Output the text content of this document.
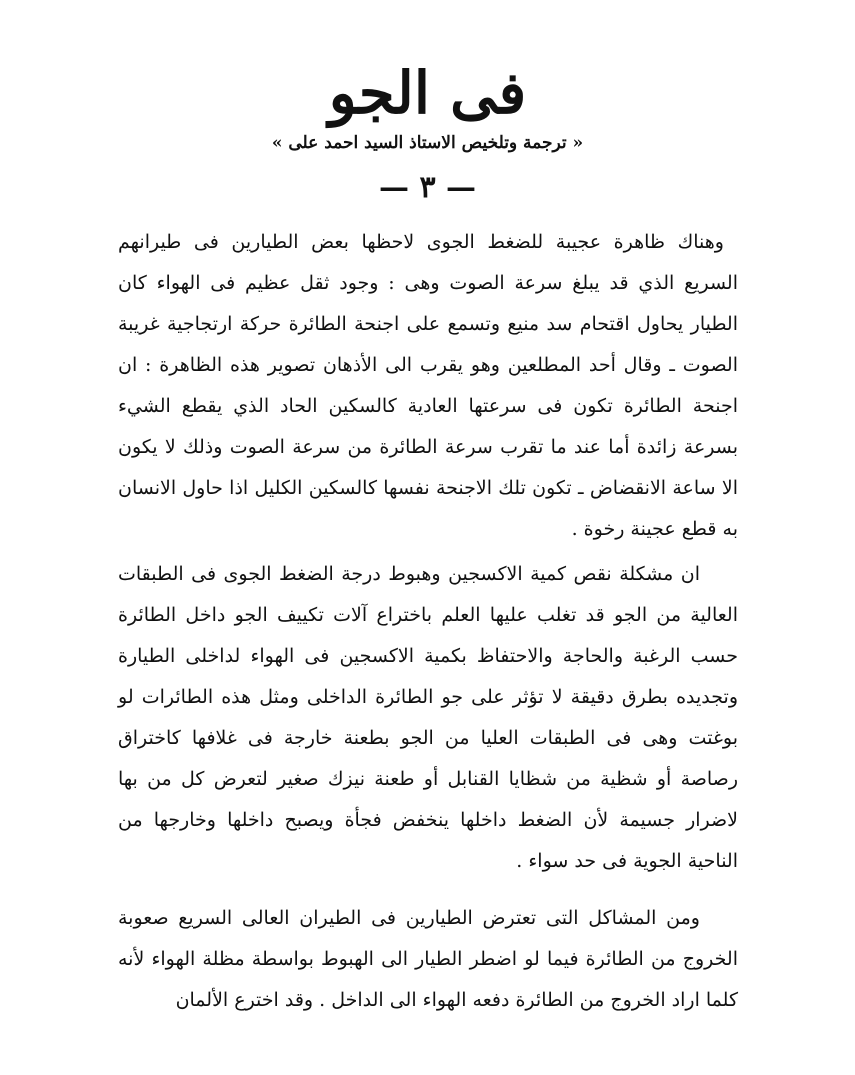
فى الجو

« ترجمة وتلخيص الاستاذ السيد احمد على »

— ٣ —

وهناك ظاهرة عجيبة للضغط الجوى لاحظها بعض الطيارين فى طيرانهم السريع الذي قد يبلغ سرعة الصوت وهى : وجود ثقل عظيم فى الهواء كان الطيار يحاول اقتحام سد منيع وتسمع على اجنحة الطائرة حركة ارتجاجية غريبة الصوت ـ وقال أحد المطلعين وهو يقرب الى الأذهان تصوير هذه الظاهرة : ان اجنحة الطائرة تكون فى سرعتها العادية كالسكين الحاد الذي يقطع الشيء بسرعة زائدة أما عند ما تقرب سرعة الطائرة من سرعة الصوت وذلك لا يكون الا ساعة الانقضاض ـ تكون تلك الاجنحة نفسها كالسكين الكليل اذا حاول الانسان به قطع عجينة رخوة .

ان مشكلة نقص كمية الاكسجين وهبوط درجة الضغط الجوى فى الطبقات العالية من الجو قد تغلب عليها العلم باختراع آلات تكييف الجو داخل الطائرة حسب الرغبة والحاجة والاحتفاظ بكمية الاكسجين فى الهواء لداخلى الطيارة وتجديده بطرق دقيقة لا تؤثر على جو الطائرة الداخلى ومثل هذه الطائرات لو بوغتت وهى فى الطبقات العليا من الجو بطعنة خارجة فى غلافها كاختراق رصاصة أو شظية من شظايا القنابل أو طعنة نيزك صغير لتعرض كل من بها لاضرار جسيمة لأن الضغط داخلها ينخفض فجأة ويصبح داخلها وخارجها من الناحية الجوية فى حد سواء .

ومن المشاكل التى تعترض الطيارين فى الطيران العالى السريع صعوبة الخروج من الطائرة فيما لو اضطر الطيار الى الهبوط بواسطة مظلة الهواء لأنه كلما اراد الخروج من الطائرة دفعه الهواء الى الداخل . وقد اخترع الألمان
